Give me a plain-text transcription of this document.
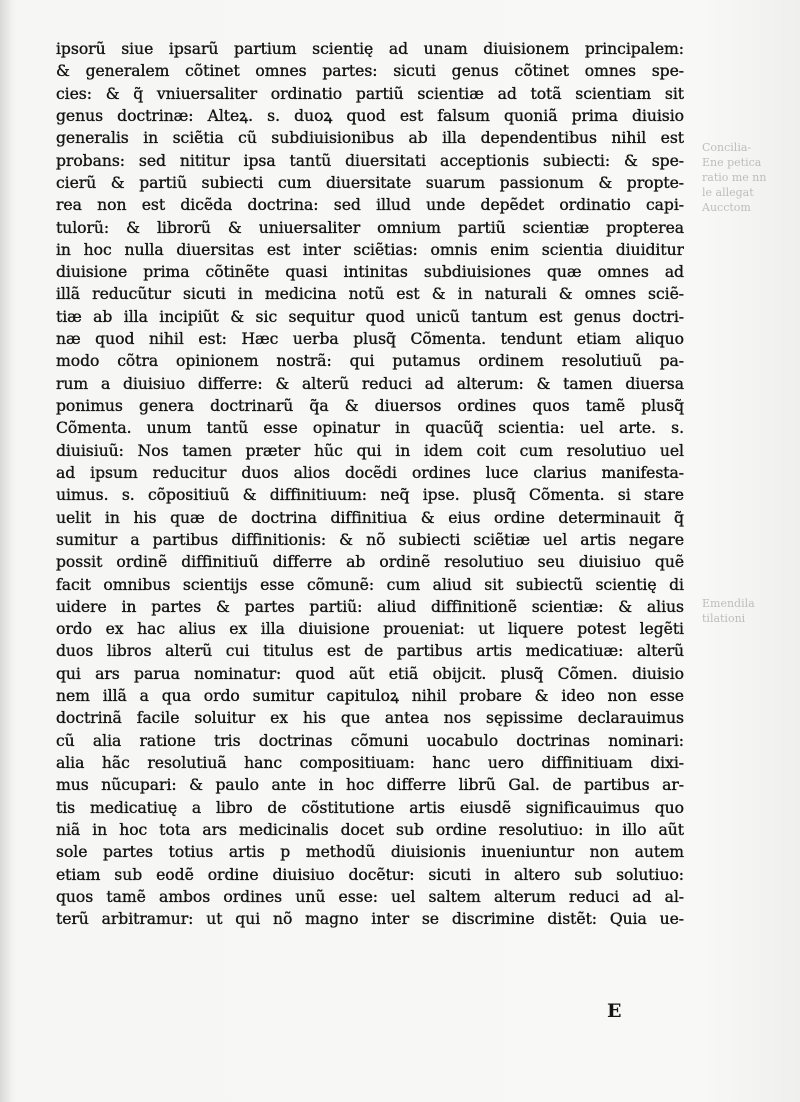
ipsorũ siue ipsarũ partium scientię ad unam diuisionem principalem:
& generalem cõtinet omnes partes: sicuti genus cõtinet omnes spe-
cies: & q̃ vniuersaliter ordinatio partiũ scientiæ ad totã scientiam sit
genus doctrinæ: Alteꝝ. s. duoꝝ quod est falsum quoniã prima diuisio
generalis in sciẽtia cũ subdiuisionibus ab illa dependentibus nihil est
probans: sed nititur ipsa tantũ diuersitati acceptionis subiecti: & spe-
cierũ & partiũ subiecti cum diuersitate suarum passionum & propte-
rea non est dicẽda doctrina: sed illud unde depẽdet ordinatio capi-
tulorũ: & librorũ & uniuersaliter omnium partiũ scientiæ propterea
in hoc nulla diuersitas est inter sciẽtias: omnis enim scientia diuiditur
diuisione prima cõtinẽte quasi intinitas subdiuisiones quæ omnes ad
illã reducũtur sicuti in medicina notũ est & in naturali & omnes sciẽ-
tiæ ab illa incipiũt & sic sequitur quod unicũ tantum est genus doctri-
næ quod nihil est: Hæc uerba plusq̃ Cõmenta. tendunt etiam aliquo
modo cõtra opinionem nostrã: qui putamus ordinem resolutiuũ pa-
rum a diuisiuo differre: & alterũ reduci ad alterum: & tamen diuersa
ponimus genera doctrinarũ q̃a & diuersos ordines quos tamẽ plusq̃
Cõmenta. unum tantũ esse opinatur in quacũq̃ scientia: uel arte. s.
diuisiuũ: Nos tamen præter hũc qui in idem coit cum resolutiuo uel
ad ipsum reducitur duos alios docẽdi ordines luce clarius manifesta-
uimus. s. cõpositiuũ & diffinitiuum: neq̃ ipse. plusq̃ Cõmenta. si stare
uelit in his quæ de doctrina diffinitiua & eius ordine determinauit q̃
sumitur a partibus diffinitionis: & nõ subiecti sciẽtiæ uel artis negare
possit ordinẽ diffinitiuũ differre ab ordinẽ resolutiuo seu diuisiuo quẽ
facit omnibus scientijs esse cõmunẽ: cum aliud sit subiectũ scientię di
uidere in partes & partes partiũ: aliud diffinitionẽ scientiæ: & alius
ordo ex hac alius ex illa diuisione proueniat: ut liquere potest legẽti
duos libros alterũ cui titulus est de partibus artis medicatiuæ: alterũ
qui ars parua nominatur: quod aũt etiã obijcit. plusq̃ Cõmen. diuisio
nem illã a qua ordo sumitur capituloꝝ nihil probare & ideo non esse
doctrinã facile soluitur ex his que antea nos sępissime declarauimus
cũ alia ratione tris doctrinas cõmuni uocabulo doctrinas nominari:
alia hãc resolutiuã hanc compositiuam: hanc uero diffinitiuam dixi-
mus nũcupari: & paulo ante in hoc differre librũ Gal. de partibus ar-
tis medicatiuę a libro de cõstitutione artis eiusdẽ significauimus quo
niã in hoc tota ars medicinalis docet sub ordine resolutiuo: in illo aũt
sole partes totius artis p methodũ diuisionis inueniuntur non autem
etiam sub eodẽ ordine diuisiuo docẽtur: sicuti in altero sub solutiuo:
quos tamẽ ambos ordines unũ esse: uel saltem alterum reduci ad al-
terũ arbitramur: ut qui nõ magno inter se discrimine distẽt: Quia ue-
Concilia-
Ene petica
ratio me nn
le allegat
Aucctom
Emendila
tilationi
E
